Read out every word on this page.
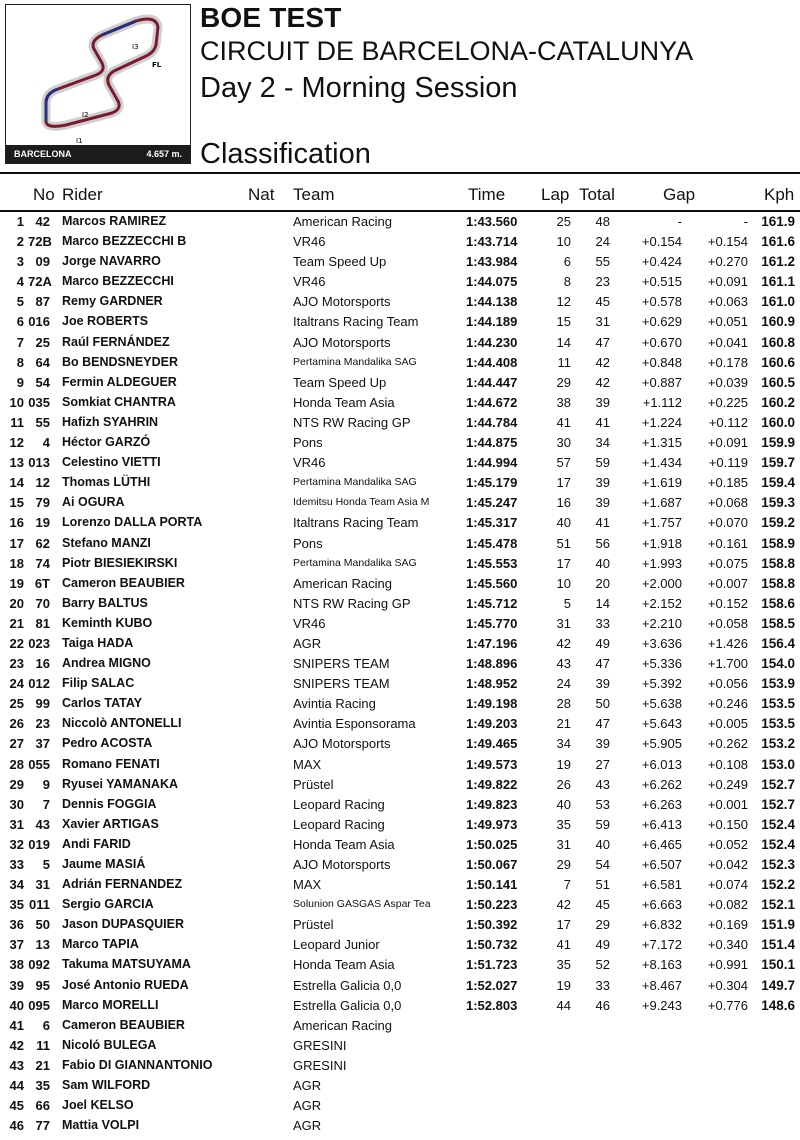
I3
FL
I2
I1
BARCELONA	4.657 m.
BOE TEST
CIRCUIT DE BARCELONA-CATALUNYA
Day 2 - Morning Session
Classification
No Rider	Nat Team	Time Lap Total	Gap	Kph
1 42 Marcos RAMIREZ	American Racing	1:43.560	25 48	-	- 161.9
2 72B Marco BEZZECCHI B	VR46	1:43.714	10 24 +0.154 +0.154 161.6
3 09 Jorge NAVARRO	Team Speed Up	1:43.984	6 55 +0.424 +0.270 161.2
4 72A Marco BEZZECCHI	VR46	1:44.075	8 23 +0.515 +0.091 161.1
5 87 Remy GARDNER	AJO Motorsports	1:44.138	12 45 +0.578 +0.063 161.0
6 016 Joe ROBERTS	Italtrans Racing Team	1:44.189	15 31 +0.629 +0.051 160.9
7 25 Raúl FERNÁNDEZ	AJO Motorsports	1:44.230	14 47 +0.670 +0.041 160.8
8 64 Bo BENDSNEYDER	Pertamina Mandalika SAG	1:44.408	11 42 +0.848 +0.178 160.6
9 54 Fermin ALDEGUER	Team Speed Up	1:44.447	29 42 +0.887 +0.039 160.5
10 035 Somkiat CHANTRA	Honda Team Asia	1:44.672	38 39	+1.112 +0.225 160.2
11 55 Hafizh SYAHRIN	NTS RW Racing GP	1:44.784	41 41 +1.224 +0.112 160.0
12	4 Héctor GARZÓ	Pons	1:44.875	30 34 +1.315 +0.091 159.9
13 013 Celestino VIETTI	VR46	1:44.994	57 59 +1.434 +0.119 159.7
14 12 Thomas LÜTHI	Pertamina Mandalika SAG	1:45.179	17 39 +1.619 +0.185 159.4
15 79 Ai OGURA	Idemitsu Honda Team Asia M	1:45.247	16 39 +1.687 +0.068 159.3
16 19 Lorenzo DALLA PORTA	Italtrans Racing Team	1:45.317	40 41 +1.757 +0.070 159.2
17 62 Stefano MANZI	Pons	1:45.478	51 56 +1.918 +0.161 158.9
18 74 Piotr BIESIEKIRSKI	Pertamina Mandalika SAG	1:45.553	17 40 +1.993 +0.075 158.8
19 6T Cameron BEAUBIER	American Racing	1:45.560	10 20 +2.000 +0.007 158.8
20 70 Barry BALTUS	NTS RW Racing GP	1:45.712	5 14 +2.152 +0.152 158.6
21 81 Keminth KUBO	VR46	1:45.770	31 33 +2.210 +0.058 158.5
22 023 Taiga HADA	AGR	1:47.196	42 49 +3.636 +1.426 156.4
23 16 Andrea MIGNO	SNIPERS TEAM	1:48.896	43 47 +5.336 +1.700 154.0
24 012 Filip SALAC	SNIPERS TEAM	1:48.952	24 39 +5.392 +0.056 153.9
25 99 Carlos TATAY	Avintia Racing	1:49.198	28 50 +5.638 +0.246 153.5
26 23 Niccolò ANTONELLI	Avintia Esponsorama	1:49.203	21 47 +5.643 +0.005 153.5
27 37 Pedro ACOSTA	AJO Motorsports	1:49.465	34 39 +5.905 +0.262 153.2
28 055 Romano FENATI	MAX	1:49.573	19 27 +6.013 +0.108 153.0
29	9 Ryusei YAMANAKA	Prüstel	1:49.822	26 43 +6.262 +0.249 152.7
30	7 Dennis FOGGIA	Leopard Racing	1:49.823	40 53 +6.263 +0.001 152.7
31 43 Xavier ARTIGAS	Leopard Racing	1:49.973	35 59 +6.413 +0.150 152.4
32 019 Andi FARID	Honda Team Asia	1:50.025	31 40 +6.465 +0.052 152.4
33	5 Jaume MASIÁ	AJO Motorsports	1:50.067	29 54 +6.507 +0.042 152.3
34 31 Adrián FERNANDEZ	MAX	1:50.141	7 51 +6.581 +0.074 152.2
35 011 Sergio GARCIA	Solunion GASGAS Aspar Tea	1:50.223	42 45 +6.663 +0.082 152.1
36 50 Jason DUPASQUIER	Prüstel	1:50.392	17 29 +6.832 +0.169 151.9
37 13 Marco TAPIA	Leopard Junior	1:50.732	41 49 +7.172 +0.340 151.4
38 092 Takuma MATSUYAMA	Honda Team Asia	1:51.723	35 52 +8.163 +0.991 150.1
39 95 José Antonio RUEDA	Estrella Galicia 0,0	1:52.027	19 33 +8.467 +0.304 149.7
40 095 Marco MORELLI	Estrella Galicia 0,0	1:52.803	44 46 +9.243 +0.776 148.6
41	6 Cameron BEAUBIER	American Racing
42 11 Nicoló BULEGA	GRESINI
43 21 Fabio DI GIANNANTONIO	GRESINI
44 35 Sam WILFORD	AGR
45 66 Joel KELSO	AGR
46 77 Mattia VOLPI	AGR
